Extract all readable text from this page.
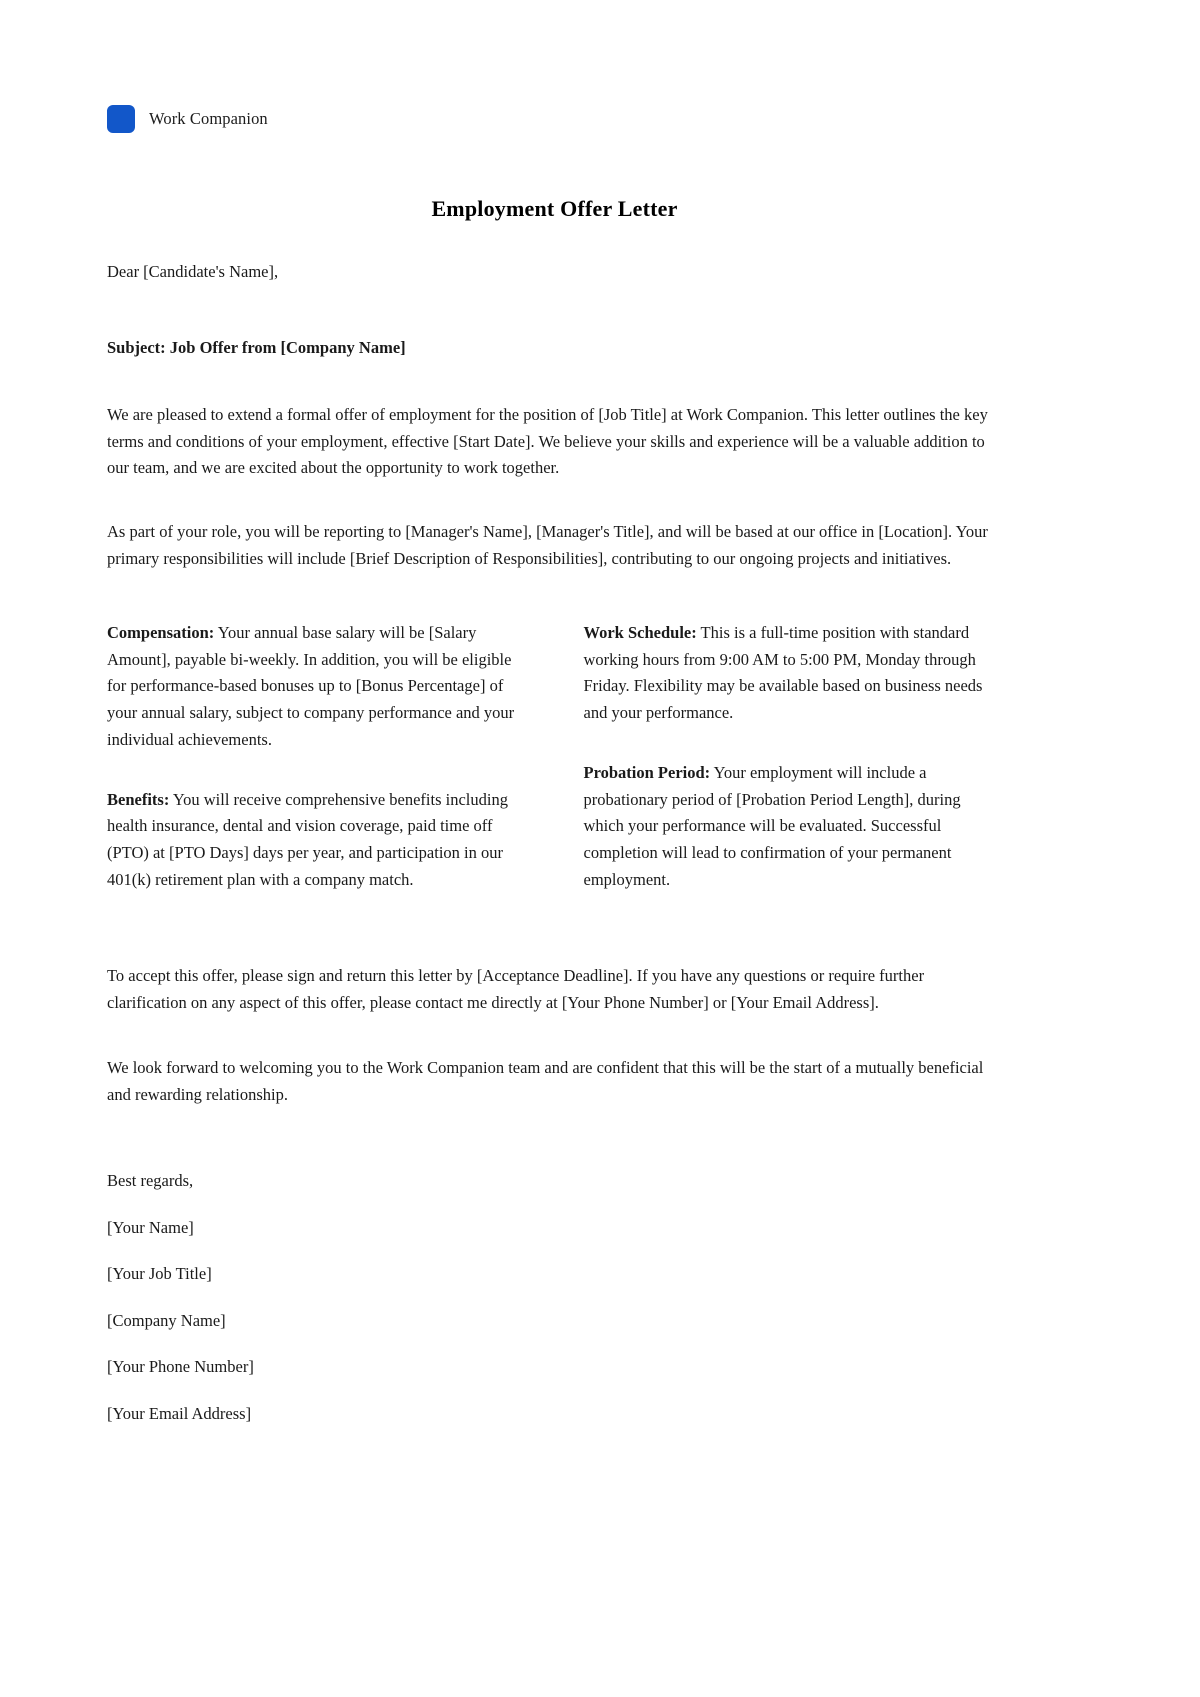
Work Companion
Employment Offer Letter
Dear [Candidate's Name],
Subject: Job Offer from [Company Name]
We are pleased to extend a formal offer of employment for the position of [Job Title] at Work Companion. This letter outlines the key terms and conditions of your employment, effective [Start Date]. We believe your skills and experience will be a valuable addition to our team, and we are excited about the opportunity to work together.
As part of your role, you will be reporting to [Manager's Name], [Manager's Title], and will be based at our office in [Location]. Your primary responsibilities will include [Brief Description of Responsibilities], contributing to our ongoing projects and initiatives.
Compensation: Your annual base salary will be [Salary Amount], payable bi-weekly. In addition, you will be eligible for performance-based bonuses up to [Bonus Percentage] of your annual salary, subject to company performance and your individual achievements.
Benefits: You will receive comprehensive benefits including health insurance, dental and vision coverage, paid time off (PTO) at [PTO Days] days per year, and participation in our 401(k) retirement plan with a company match.
Work Schedule: This is a full-time position with standard working hours from 9:00 AM to 5:00 PM, Monday through Friday. Flexibility may be available based on business needs and your performance.
Probation Period: Your employment will include a probationary period of [Probation Period Length], during which your performance will be evaluated. Successful completion will lead to confirmation of your permanent employment.
To accept this offer, please sign and return this letter by [Acceptance Deadline]. If you have any questions or require further clarification on any aspect of this offer, please contact me directly at [Your Phone Number] or [Your Email Address].
We look forward to welcoming you to the Work Companion team and are confident that this will be the start of a mutually beneficial and rewarding relationship.
Best regards,
[Your Name]
[Your Job Title]
[Company Name]
[Your Phone Number]
[Your Email Address]
